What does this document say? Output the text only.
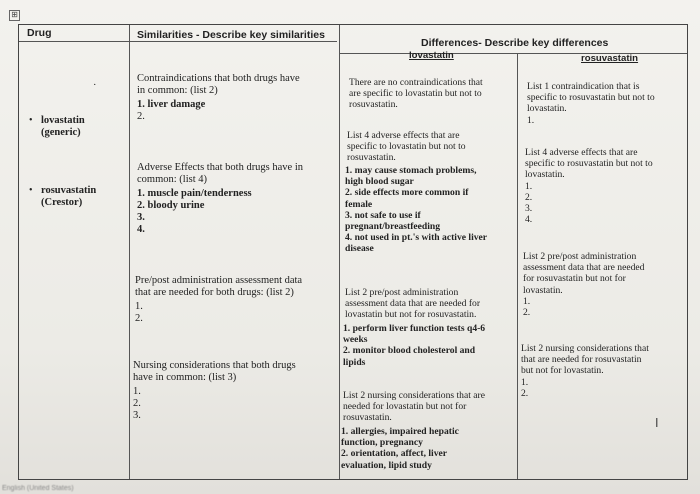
⊞
Drug	Similarities - Describe key similarities
Differences- Describe key differences
lovastatin	rosuvastatin
·
• lovastatin
(generic)
• rosuvastatin
(Crestor)
Contraindications that both drugs have
in common: (list 2)
1. liver damage
2.
Adverse Effects that both drugs have in
common: (list 4)
1. muscle pain/tenderness
2. bloody urine
3.
4.
Pre/post administration assessment data
that are needed for both drugs: (list 2)
1.
2.
Nursing considerations that both drugs
have in common: (list 3)
1.
2.
3.
There are no contraindications that
are specific to lovastatin but not to
rosuvastatin.
List 4 adverse effects that are
specific to lovastatin but not to
rosuvastatin.
1. may cause stomach problems,
high blood sugar
2. side effects more common if
female
3. not safe to use if
pregnant/breastfeeding
4. not used in pt.'s with active liver
disease
List 2 pre/post administration
assessment data that are needed for
lovastatin but not for rosuvastatin.
1. perform liver function tests q4-6
weeks
2. monitor blood cholesterol and
lipids
List 2 nursing considerations that are
needed for lovastatin but not for
rosuvastatin.
1. allergies, impaired hepatic
function, pregnancy
2. orientation, affect, liver
evaluation, lipid study
List 1 contraindication that is
specific to rosuvastatin but not to
lovastatin.
1.
List 4 adverse effects that are
specific to rosuvastatin but not to
lovastatin.
1.
2.
3.
4.
List 2 pre/post administration
assessment data that are needed
for rosuvastatin but not for
lovastatin.
1.
2.
List 2 nursing considerations that
that are needed for rosuvastatin
but not for lovastatin.
1.
2.
I
English (United States)
